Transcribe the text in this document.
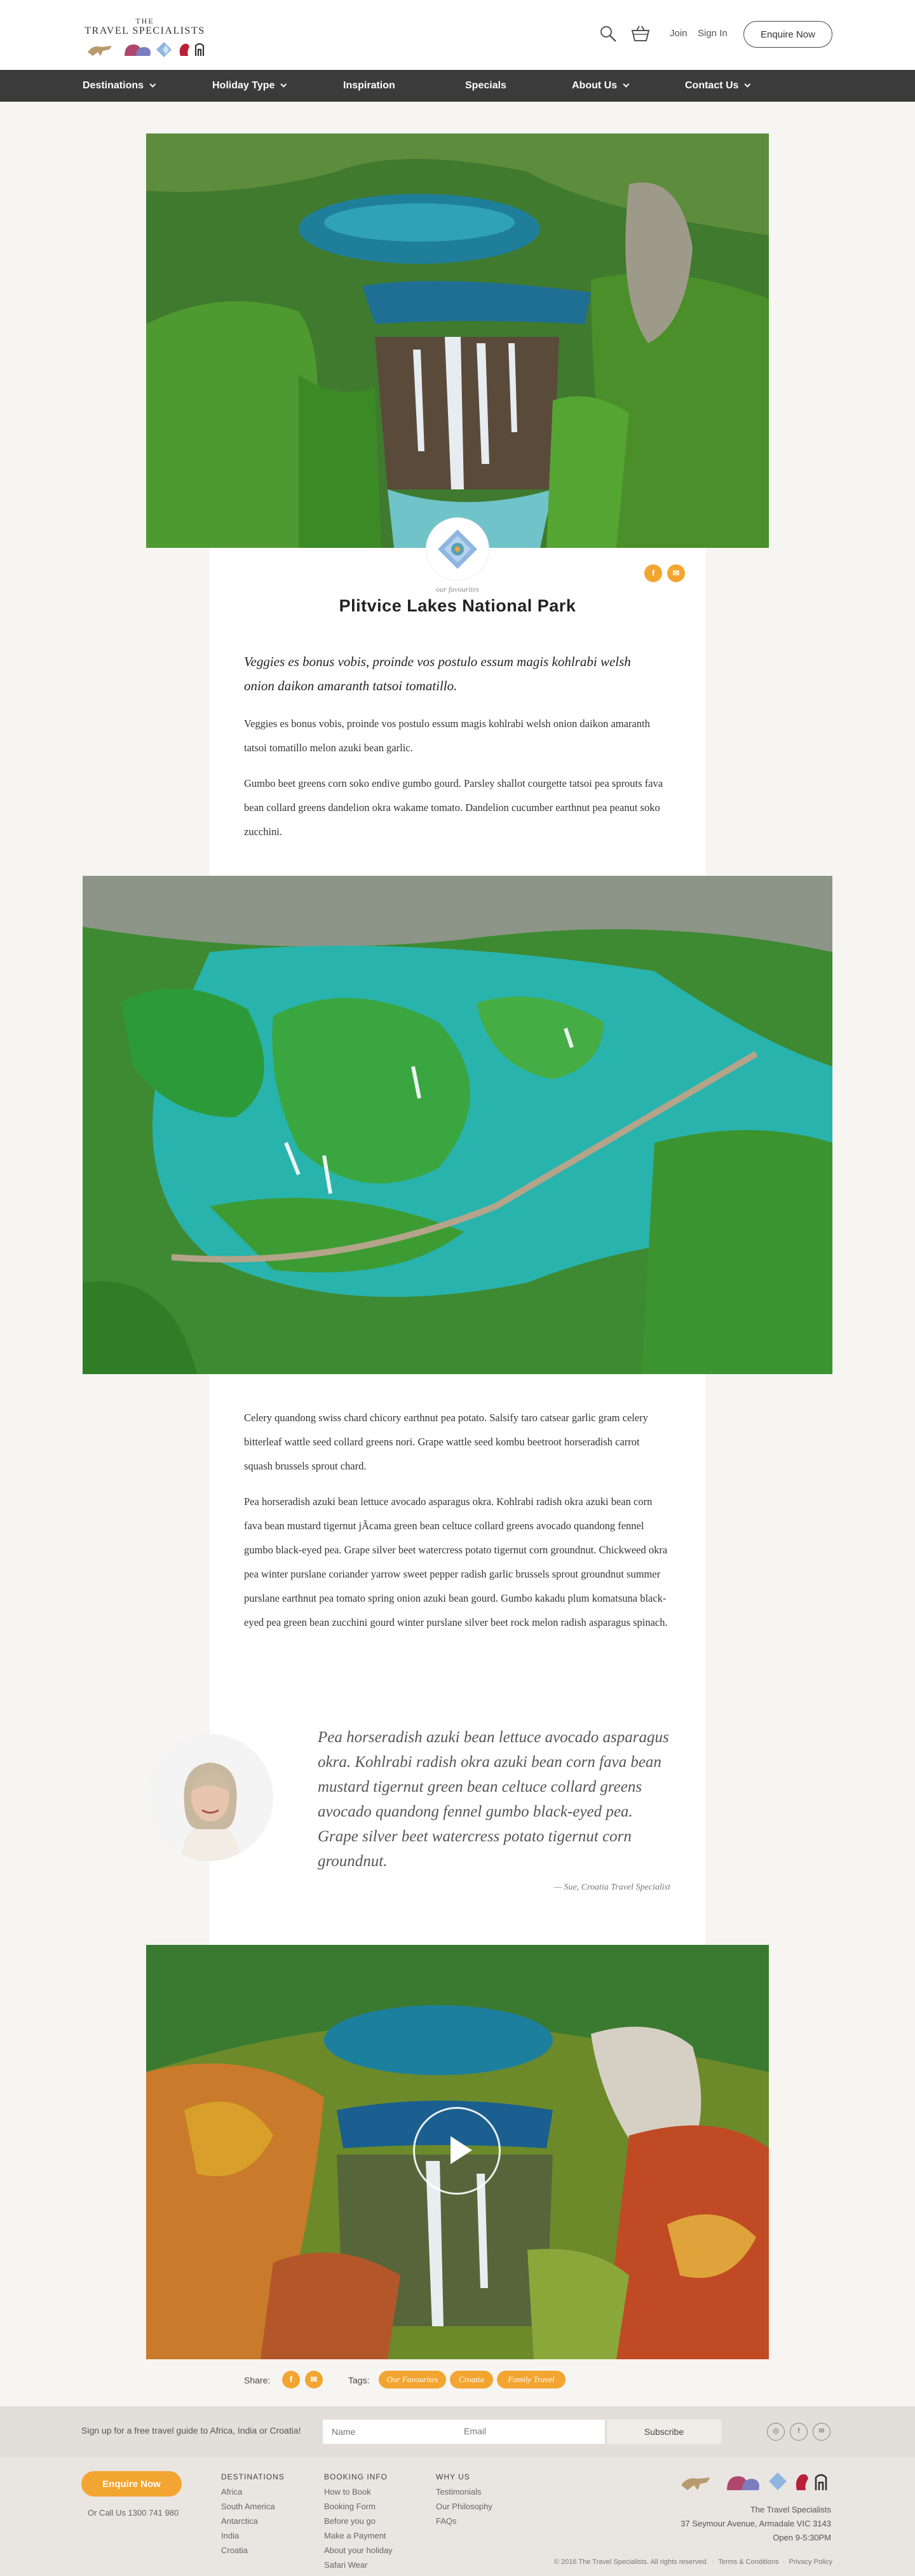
THE
TRAVEL SPECIALISTS	Join Sign In	Enquire Now
Destinations	Holiday Type	Inspiration	Specials	About Us	Contact Us
f	✉
our favourites
Plitvice Lakes National Park

Veggies es bonus vobis, proinde vos postulo essum magis kohlrabi welsh onion daikon amaranth tatsoi tomatillo.

Veggies es bonus vobis, proinde vos postulo essum magis kohlrabi welsh onion daikon amaranth tatsoi tomatillo melon azuki bean garlic.

Gumbo beet greens corn soko endive gumbo gourd. Parsley shallot courgette tatsoi pea sprouts fava bean collard greens dandelion okra wakame tomato. Dandelion cucumber earthnut pea peanut soko zucchini.

Celery quandong swiss chard chicory earthnut pea potato. Salsify taro catsear garlic gram celery bitterleaf wattle seed collard greens nori. Grape wattle seed kombu beetroot horseradish carrot squash brussels sprout chard.

Pea horseradish azuki bean lettuce avocado asparagus okra. Kohlrabi radish okra azuki bean corn fava bean mustard tigernut jÃcama green bean celtuce collard greens avocado quandong fennel gumbo black-eyed pea. Grape silver beet watercress potato tigernut corn groundnut. Chickweed okra pea winter purslane coriander yarrow sweet pepper radish garlic brussels sprout groundnut summer purslane earthnut pea tomato spring onion azuki bean gourd. Gumbo kakadu plum komatsuna black-eyed pea green bean zucchini gourd winter purslane silver beet rock melon radish asparagus spinach.

Pea horseradish azuki bean lettuce avocado asparagus okra. Kohlrabi radish okra azuki bean corn fava bean mustard tigernut green bean celtuce collard greens avocado quandong fennel gumbo black-eyed pea. Grape silver beet watercress potato tigernut corn groundnut.
— Sue, Croatia Travel Specialist
Share:	f	✉	Tags:	Our Favourites	Croatia	Family Travel
Sign up for a free travel guide to Africa, India or Croatia!
Name	Email	Subscribe	◎	f	✉
Enquire Now
Or Call Us 1300 741 980
DESTINATIONS
Africa
South America
Antarctica
India
Croatia
BOOKING INFO
How to Book
Booking Form
Before you go
Make a Payment
About your holiday
Safari Wear
WHY US
Testimonials
Our Philosophy
FAQs
The Travel Specialists
37 Seymour Avenue, Armadale VIC 3143
Open 9-5:30PM
© 2016 The Travel Specialists. All rights reserved.  ·  Terms & Conditions  ·  Privacy Policy
